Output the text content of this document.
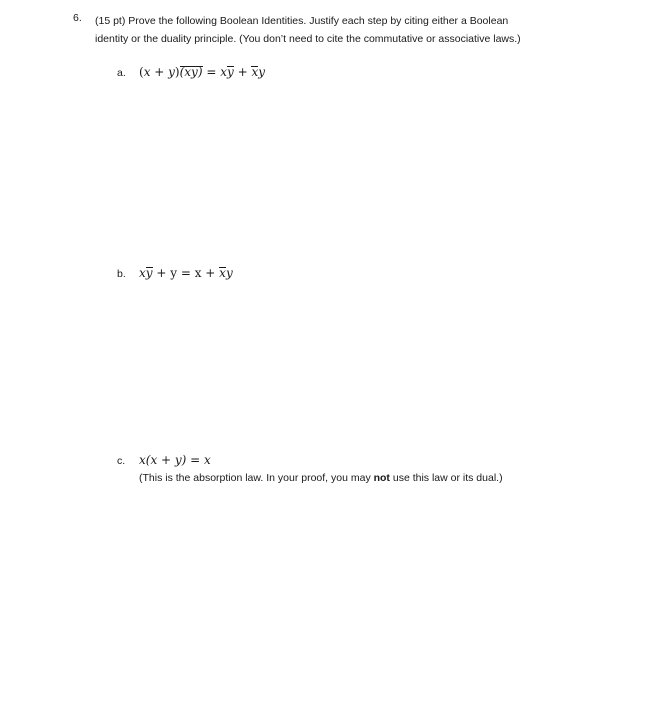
6. (15 pt) Prove the following Boolean Identities. Justify each step by citing either a Boolean
identity or the duality principle. (You don’t need to cite the commutative or associative laws.)
a. (x + y)(xy) = xy + xy
b. xy + y = x + xy
c. x(x + y) = x
(This is the absorption law. In your proof, you may not use this law or its dual.)
